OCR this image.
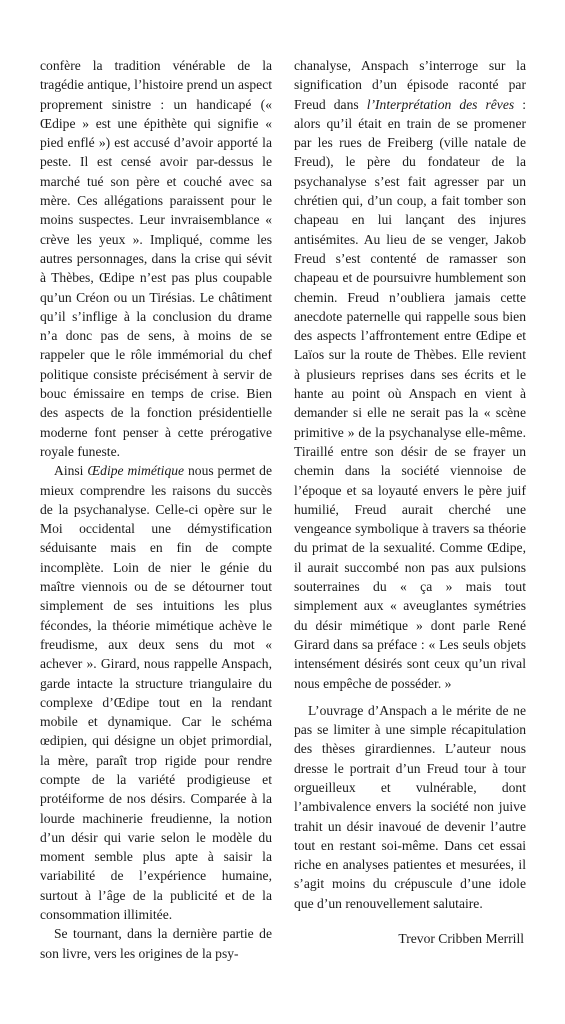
confère la tradition vénérable de la tragédie antique, l’histoire prend un aspect proprement sinistre : un handicapé (« Œdipe » est une épithète qui signifie « pied enflé ») est accusé d’avoir apporté la peste. Il est censé avoir par-dessus le marché tué son père et couché avec sa mère. Ces allégations paraissent pour le moins suspectes. Leur invraisemblance « crève les yeux ». Impliqué, comme les autres personnages, dans la crise qui sévit à Thèbes, Œdipe n’est pas plus coupable qu’un Créon ou un Tirésias. Le châtiment qu’il s’inflige à la conclusion du drame n’a donc pas de sens, à moins de se rappeler que le rôle immémorial du chef politique consiste précisément à servir de bouc émissaire en temps de crise. Bien des aspects de la fonction présidentielle moderne font penser à cette prérogative royale funeste.

Ainsi Œdipe mimétique nous permet de mieux comprendre les raisons du succès de la psychanalyse. Celle-ci opère sur le Moi occidental une démystification séduisante mais en fin de compte incomplète. Loin de nier le génie du maître viennois ou de se détourner tout simplement de ses intuitions les plus fécondes, la théorie mimétique achève le freudisme, aux deux sens du mot « achever ». Girard, nous rappelle Anspach, garde intacte la structure triangulaire du complexe d’Œdipe tout en la rendant mobile et dynamique. Car le schéma œdipien, qui désigne un objet primordial, la mère, paraît trop rigide pour rendre compte de la variété prodigieuse et protéiforme de nos désirs. Comparée à la lourde machinerie freudienne, la notion d’un désir qui varie selon le modèle du moment semble plus apte à saisir la variabilité de l’expérience humaine, surtout à l’âge de la publicité et de la consommation illimitée.

Se tournant, dans la dernière partie de son livre, vers les origines de la psy-

chanalyse, Anspach s’interroge sur la signification d’un épisode raconté par Freud dans l’Interprétation des rêves : alors qu’il était en train de se promener par les rues de Freiberg (ville natale de Freud), le père du fondateur de la psychanalyse s’est fait agresser par un chrétien qui, d’un coup, a fait tomber son chapeau en lui lançant des injures antisémites. Au lieu de se venger, Jakob Freud s’est contenté de ramasser son chapeau et de poursuivre humblement son chemin. Freud n’oubliera jamais cette anecdote paternelle qui rappelle sous bien des aspects l’affrontement entre Œdipe et Laïos sur la route de Thèbes. Elle revient à plusieurs reprises dans ses écrits et le hante au point où Anspach en vient à demander si elle ne serait pas la « scène primitive » de la psychanalyse elle-même. Tiraillé entre son désir de se frayer un chemin dans la société viennoise de l’époque et sa loyauté envers le père juif humilié, Freud aurait cherché une vengeance symbolique à travers sa théorie du primat de la sexualité. Comme Œdipe, il aurait succombé non pas aux pulsions souterraines du « ça » mais tout simplement aux « aveuglantes symétries du désir mimétique » dont parle René Girard dans sa préface : « Les seuls objets intensément désirés sont ceux qu’un rival nous empêche de posséder. »

L’ouvrage d’Anspach a le mérite de ne pas se limiter à une simple récapitulation des thèses girardiennes. L’auteur nous dresse le portrait d’un Freud tour à tour orgueilleux et vulnérable, dont l’ambivalence envers la société non juive trahit un désir inavoué de devenir l’autre tout en restant soi-même. Dans cet essai riche en analyses patientes et mesurées, il s’agit moins du crépuscule d’une idole que d’un renouvellement salutaire.

Trevor Cribben Merrill
